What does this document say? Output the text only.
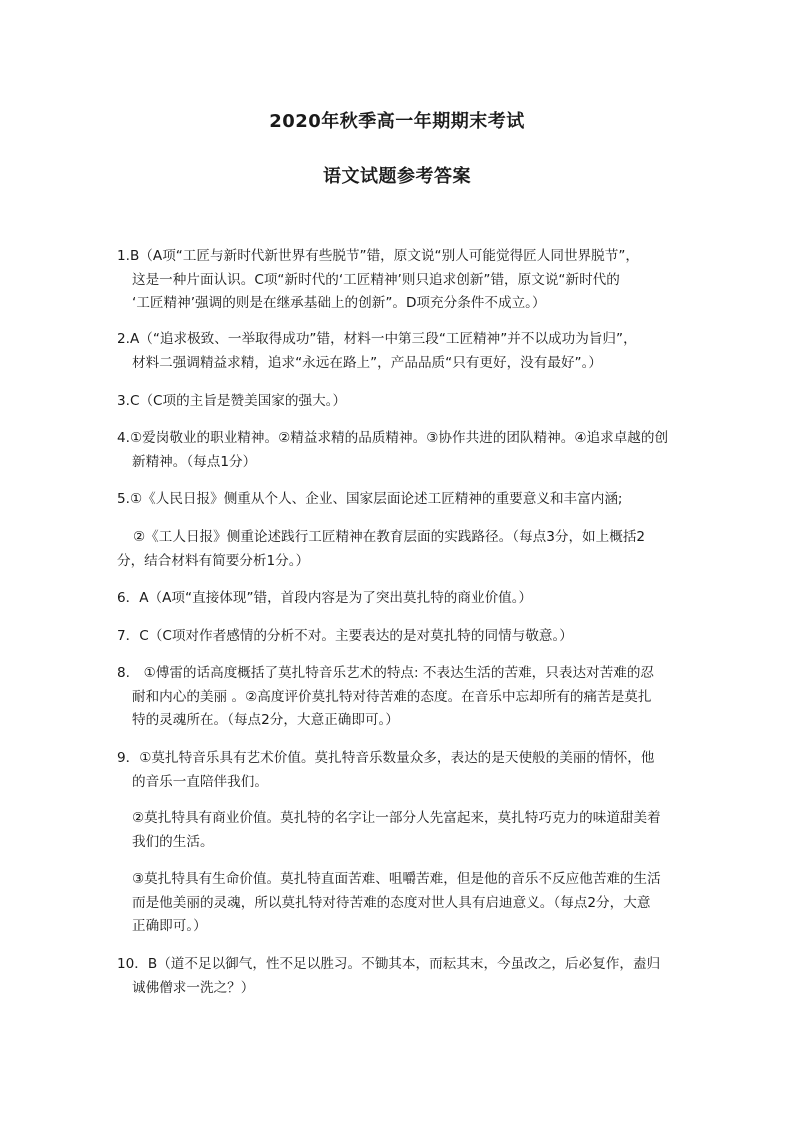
2020年秋季高一年期期末考试
语文试题参考答案

1.B（A项“工匠与新时代新世界有些脱节”错，原文说“别人可能觉得匠人同世界脱节”，
这是一种片面认识。C项“新时代的‘工匠精神’则只追求创新”错，原文说“新时代的
‘工匠精神’强调的则是在继承基础上的创新”。D项充分条件不成立。）

2.A（“追求极致、一举取得成功”错，材料一中第三段“工匠精神”并不以成功为旨归”，
材料二强调精益求精，追求“永远在路上”，产品品质“只有更好，没有最好”。）

3.C（C项的主旨是赞美国家的强大。）

4.①爱岗敬业的职业精神。②精益求精的品质精神。③协作共进的团队精神。④追求卓越的创
新精神。（每点1分）

5.①《人民日报》侧重从个人、企业、国家层面论述工匠精神的重要意义和丰富内涵;

②《工人日报》侧重论述践行工匠精神在教育层面的实践路径。（每点3分，如上概括2
分，结合材料有简要分析1分。）

6．A（A项“直接体现”错，首段内容是为了突出莫扎特的商业价值。）

7．C（C项对作者感情的分析不对。主要表达的是对莫扎特的同情与敬意。）

8.　①傅雷的话高度概括了莫扎特音乐艺术的特点: 不表达生活的苦难，只表达对苦难的忍
耐和内心的美丽 。②高度评价莫扎特对待苦难的态度。在音乐中忘却所有的痛苦是莫扎
特的灵魂所在。（每点2分，大意正确即可。）

9．①莫扎特音乐具有艺术价值。莫扎特音乐数量众多，表达的是天使般的美丽的情怀，他
的音乐一直陪伴我们。

②莫扎特具有商业价值。莫扎特的名字让一部分人先富起来，莫扎特巧克力的味道甜美着
我们的生活。

③莫扎特具有生命价值。莫扎特直面苦难、咀嚼苦难，但是他的音乐不反应他苦难的生活
而是他美丽的灵魂，所以莫扎特对待苦难的态度对世人具有启迪意义。（每点2分，大意
正确即可。）

10．B（道不足以御气，性不足以胜习。不锄其本，而耘其末，今虽改之，后必复作，盍归
诚佛僧求一洗之？）
